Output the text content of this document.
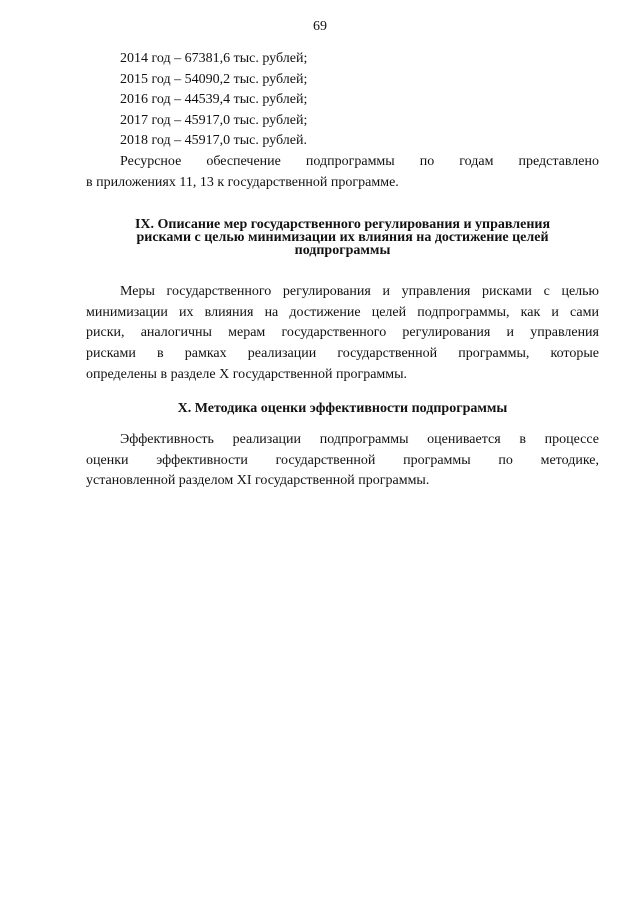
69
2014 год – 67381,6 тыс. рублей;
2015 год – 54090,2 тыс. рублей;
2016 год – 44539,4 тыс. рублей;
2017 год – 45917,0 тыс. рублей;
2018 год – 45917,0 тыс. рублей.
Ресурсное обеспечение подпрограммы по годам представлено
в приложениях 11, 13 к государственной программе.
IX. Описание мер государственного регулирования и управления
рисками с целью минимизации их влияния на достижение целей
подпрограммы
Меры государственного регулирования и управления рисками с целью
минимизации их влияния на достижение целей подпрограммы, как и сами
риски, аналогичны мерам государственного регулирования и управления
рисками в рамках реализации государственной программы, которые
определены в разделе X государственной программы.
X. Методика оценки эффективности подпрограммы
Эффективность реализации подпрограммы оценивается в процессе
оценки эффективности государственной программы по методике,
установленной разделом XI государственной программы.
